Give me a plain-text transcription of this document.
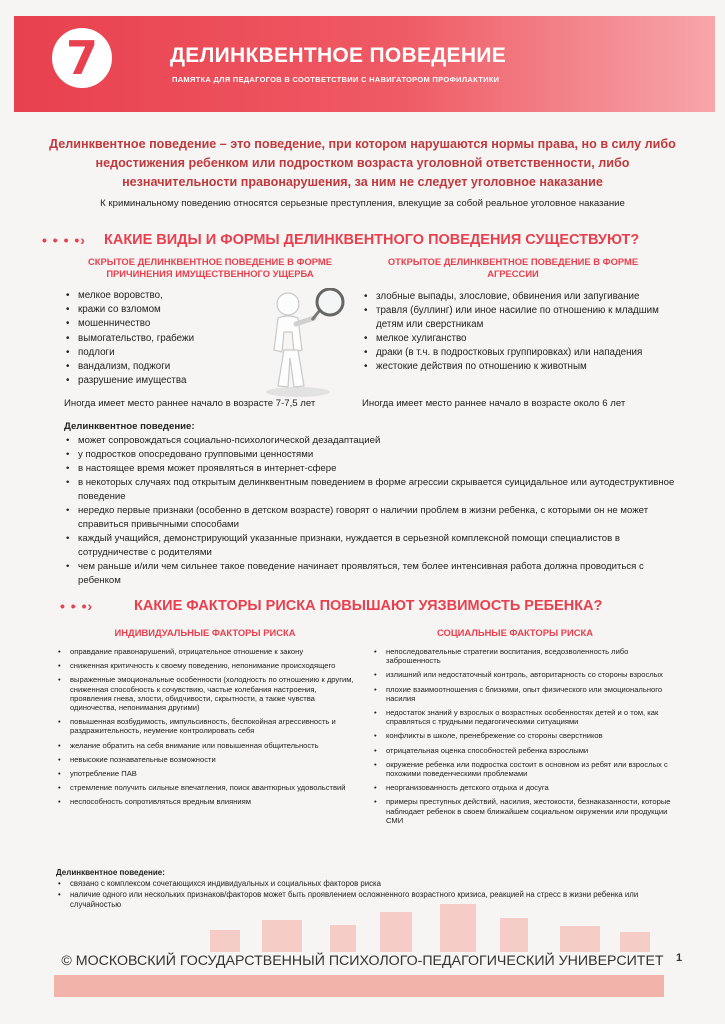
7	ДЕЛИНКВЕНТНОЕ ПОВЕДЕНИЕ
ПАМЯТКА ДЛЯ ПЕДАГОГОВ В СООТВЕТСТВИИ С НАВИГАТОРОМ ПРОФИЛАКТИКИ
Делинквентное поведение – это поведение, при котором нарушаются нормы права, но в силу либо недостижения ребенком или подростком возраста уголовной ответственности, либо незначительности правонарушения, за ним не следует уголовное наказание
К криминальному поведению относятся серьезные преступления, влекущие за собой реальное уголовное наказание
• • • •› КАКИЕ ВИДЫ И ФОРМЫ ДЕЛИНКВЕНТНОГО ПОВЕДЕНИЯ СУЩЕСТВУЮТ?
СКРЫТОЕ ДЕЛИНКВЕНТНОЕ ПОВЕДЕНИЕ В ФОРМЕ ПРИЧИНЕНИЯ ИМУЩЕСТВЕННОГО УЩЕРБА
• мелкое воровство,
• кражи со взломом
• мошенничество
• вымогательство, грабежи
• подлоги
• вандализм, поджоги
• разрушение имущества
ОТКРЫТОЕ ДЕЛИНКВЕНТНОЕ ПОВЕДЕНИЕ В ФОРМЕ АГРЕССИИ
• злобные выпады, злословие, обвинения или запугивание
• травля (буллинг) или иное насилие по отношению к младшим детям или сверстникам
• мелкое хулиганство
• драки (в т.ч. в подростковых группировках) или нападения
• жестокие действия по отношению к животным
Иногда имеет место раннее начало в возрасте 7-7,5 лет	Иногда имеет место раннее начало в возрасте около 6 лет
Делинквентное поведение:
• может сопровождаться социально-психологической дезадаптацией
• у подростков опосредовано групповыми ценностями
• в настоящее время может проявляться в интернет-сфере
• в некоторых случаях под открытым делинквентным поведением в форме агрессии скрывается суицидальное или аутодеструктивное поведение
• нередко первые признаки (особенно в детском возрасте) говорят о наличии проблем в жизни ребенка, с которыми он не может справиться привычными способами
• каждый учащийся, демонстрирующий указанные признаки, нуждается в серьезной комплексной помощи специалистов в сотрудничестве с родителями
• чем раньше и/или чем сильнее такое поведение начинает проявляться, тем более интенсивная работа должна проводиться с ребенком
• • •›	КАКИЕ ФАКТОРЫ РИСКА ПОВЫШАЮТ УЯЗВИМОСТЬ РЕБЕНКА?
ИНДИВИДУАЛЬНЫЕ ФАКТОРЫ РИСКА	СОЦИАЛЬНЫЕ ФАКТОРЫ РИСКА
• оправдание правонарушений, отрицательное отношение к закону
• сниженная критичность к своему поведению, непонимание происходящего
• выраженные эмоциональные особенности (холодность по отношению к другим, сниженная способность к сочувствию, частые колебания настроения, проявления гнева, злости, обидчивости, скрытности, а также чувства одиночества, непонимания другими)
• повышенная возбудимость, импульсивность, беспокойная агрессивность и раздражительность, неумение контролировать себя
• желание обратить на себя внимание или повышенная общительность
• невысокие познавательные возможности
• употребление ПАВ
• стремление получить сильные впечатления, поиск авантюрных удовольствий
• неспособность сопротивляться вредным влияниям
• непоследовательные стратегии воспитания, вседозволенность либо заброшенность
• излишний или недостаточный контроль, авторитарность со стороны взрослых
• плохие взаимоотношения с близкими, опыт физического или эмоционального насилия
• недостаток знаний у взрослых о возрастных особенностях детей и о том, как справляться с трудными педагогическими ситуациями
• конфликты в школе, пренебрежение со стороны сверстников
• отрицательная оценка способностей ребенка взрослыми
• окружение ребенка или подростка состоит в основном из ребят или взрослых с похожими поведенческими проблемами
• неорганизованность детского отдыха и досуга
• примеры преступных действий, насилия, жестокости, безнаказанности, которые наблюдает ребенок в своем ближайшем социальном окружении или продукции СМИ
Делинквентное поведение:
• связано с комплексом сочетающихся индивидуальных и социальных факторов риска
• наличие одного или нескольких признаков/факторов может быть проявлением осложненного возрастного кризиса, реакцией на стресс в жизни ребенка или случайностью
© МОСКОВСКИЙ ГОСУДАРСТВЕННЫЙ ПСИХОЛОГО-ПЕДАГОГИЧЕСКИЙ УНИВЕРСИТЕТ	1
